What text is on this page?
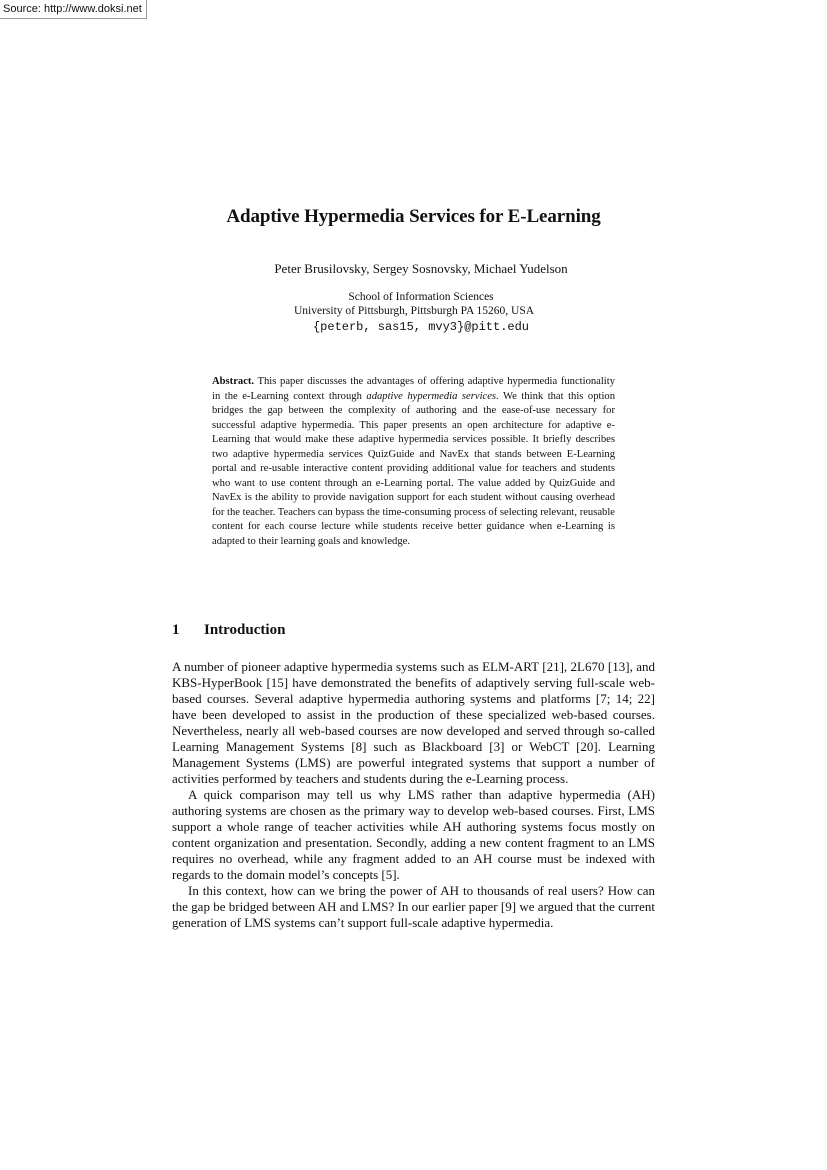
Source: http://www.doksi.net
Adaptive Hypermedia Services for E-Learning
Peter Brusilovsky, Sergey Sosnovsky, Michael Yudelson
School of Information Sciences
University of Pittsburgh, Pittsburgh PA 15260, USA
{peterb, sas15, mvy3}@pitt.edu
Abstract. This paper discusses the advantages of offering adaptive hypermedia functionality in the e-Learning context through adaptive hypermedia services. We think that this option bridges the gap between the complexity of authoring and the ease-of-use necessary for successful adaptive hypermedia. This paper presents an open architecture for adaptive e-Learning that would make these adaptive hypermedia services possible. It briefly describes two adaptive hypermedia services QuizGuide and NavEx that stands between E-Learning portal and re-usable interactive content providing additional value for teachers and students who want to use content through an e-Learning portal. The value added by QuizGuide and NavEx is the ability to provide navigation support for each student without causing overhead for the teacher. Teachers can bypass the time-consuming process of selecting relevant, reusable content for each course lecture while students receive better guidance when e-Learning is adapted to their learning goals and knowledge.
1 Introduction

A number of pioneer adaptive hypermedia systems such as ELM-ART [21], 2L670 [13], and KBS-HyperBook [15] have demonstrated the benefits of adaptively serving full-scale web-based courses. Several adaptive hypermedia authoring systems and platforms [7; 14; 22] have been developed to assist in the production of these specialized web-based courses. Nevertheless, nearly all web-based courses are now developed and served through so-called Learning Management Systems [8] such as Blackboard [3] or WebCT [20]. Learning Management Systems (LMS) are powerful integrated systems that support a number of activities performed by teachers and students during the e-Learning process.

A quick comparison may tell us why LMS rather than adaptive hypermedia (AH) authoring systems are chosen as the primary way to develop web-based courses. First, LMS support a whole range of teacher activities while AH authoring systems focus mostly on content organization and presentation. Secondly, adding a new content fragment to an LMS requires no overhead, while any fragment added to an AH course must be indexed with regards to the domain model’s concepts [5].

In this context, how can we bring the power of AH to thousands of real users? How can the gap be bridged between AH and LMS? In our earlier paper [9] we argued that the current generation of LMS systems can’t support full-scale adaptive hypermedia.
